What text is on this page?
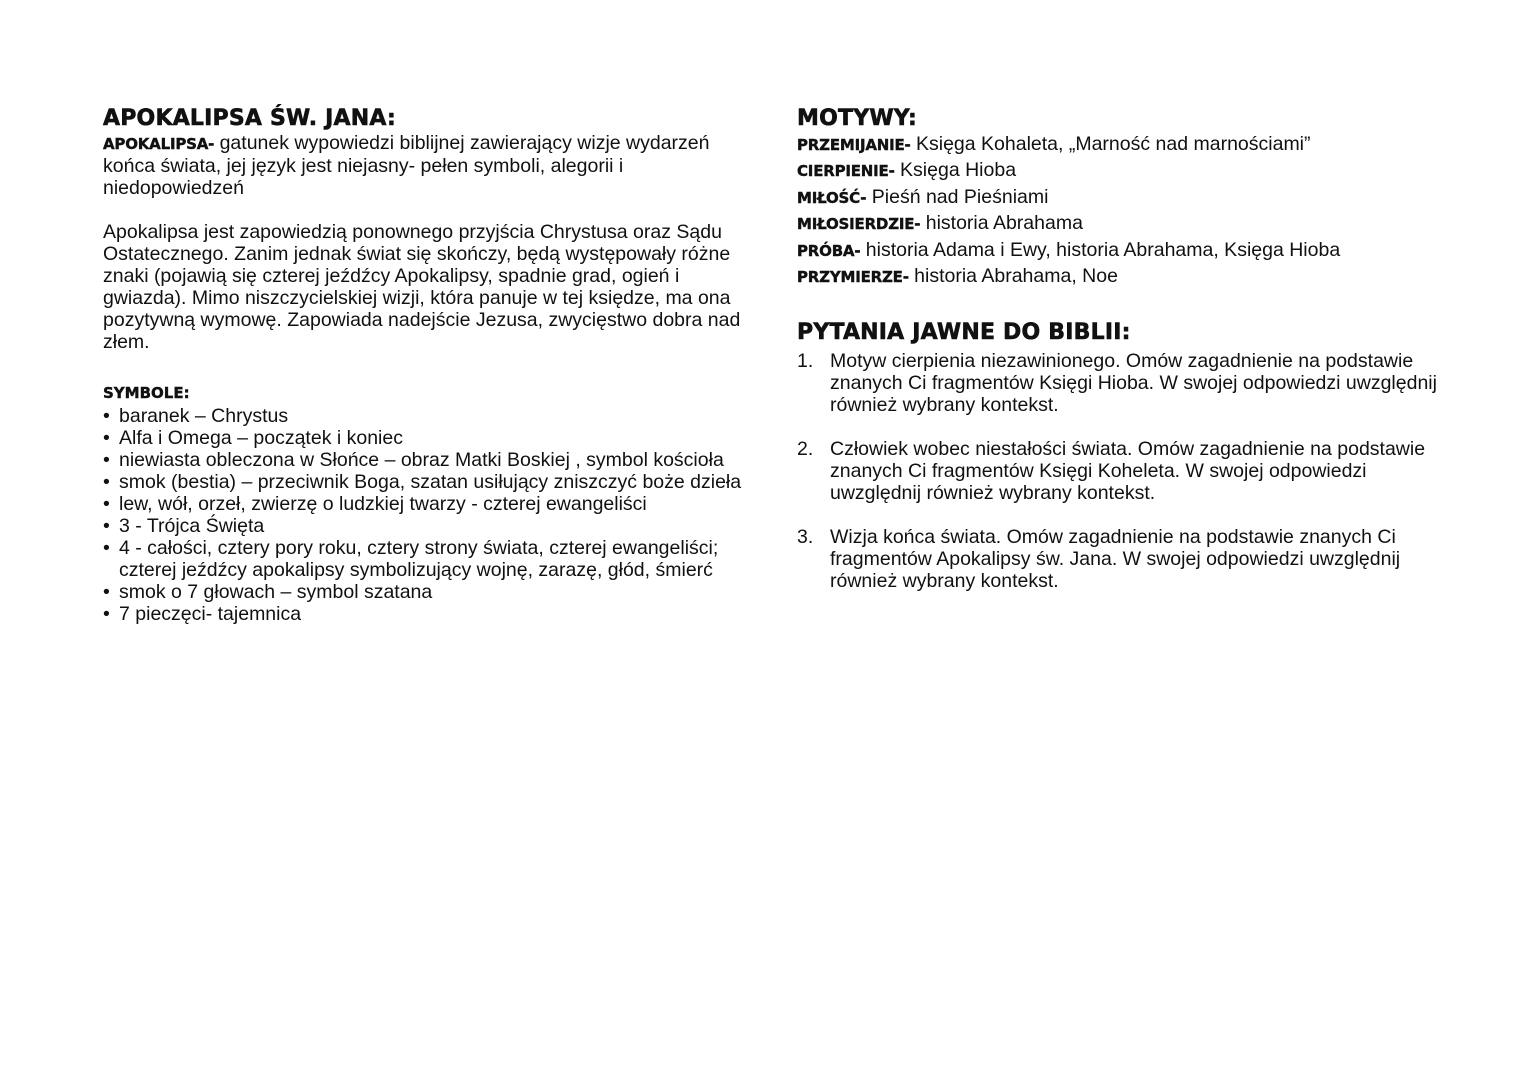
APOKALIPSA ŚW. JANA:

APOKALIPSA- gatunek wypowiedzi biblijnej zawierający wizje wydarzeń końca świata, jej język jest niejasny- pełen symboli, alegorii i niedopowiedzeń

Apokalipsa jest zapowiedzią ponownego przyjścia Chrystusa oraz Sądu Ostatecznego. Zanim jednak świat się skończy, będą występowały różne znaki (pojawią się czterej jeźdźcy Apokalipsy, spadnie grad, ogień i gwiazda). Mimo niszczycielskiej wizji, która panuje w tej księdze, ma ona pozytywną wymowę. Zapowiada nadejście Jezusa, zwycięstwo dobra nad złem.

SYMBOLE:
• baranek – Chrystus
• Alfa i Omega – początek i koniec
• niewiasta obleczona w Słońce – obraz Matki Boskiej , symbol kościoła
• smok (bestia) – przeciwnik Boga, szatan usiłujący zniszczyć boże dzieła
• lew, wół, orzeł, zwierzę o ludzkiej twarzy - czterej ewangeliści
• 3 - Trójca Święta
• 4 - całości, cztery pory roku, cztery strony świata, czterej ewangeliści; czterej jeźdźcy apokalipsy symbolizujący wojnę, zarazę, głód, śmierć
• smok o 7 głowach – symbol szatana
• 7 pieczęci- tajemnica
MOTYWY:

PRZEMIJANIE- Księga Kohaleta, „Marność nad marnościami”

CIERPIENIE- Księga Hioba

MIŁOŚĆ- Pieśń nad Pieśniami

MIŁOSIERDZIE- historia Abrahama

PRÓBA- historia Adama i Ewy, historia Abrahama, Księga Hioba

PRZYMIERZE- historia Abrahama, Noe

PYTANIA JAWNE DO BIBLII:
1. Motyw cierpienia niezawinionego. Omów zagadnienie na podstawie znanych Ci fragmentów Księgi Hioba. W swojej odpowiedzi uwzględnij również wybrany kontekst.
2. Człowiek wobec niestałości świata. Omów zagadnienie na podstawie znanych Ci fragmentów Księgi Koheleta. W swojej odpowiedzi uwzględnij również wybrany kontekst.
3. Wizja końca świata. Omów zagadnienie na podstawie znanych Ci fragmentów Apokalipsy św. Jana. W swojej odpowiedzi uwzględnij również wybrany kontekst.
